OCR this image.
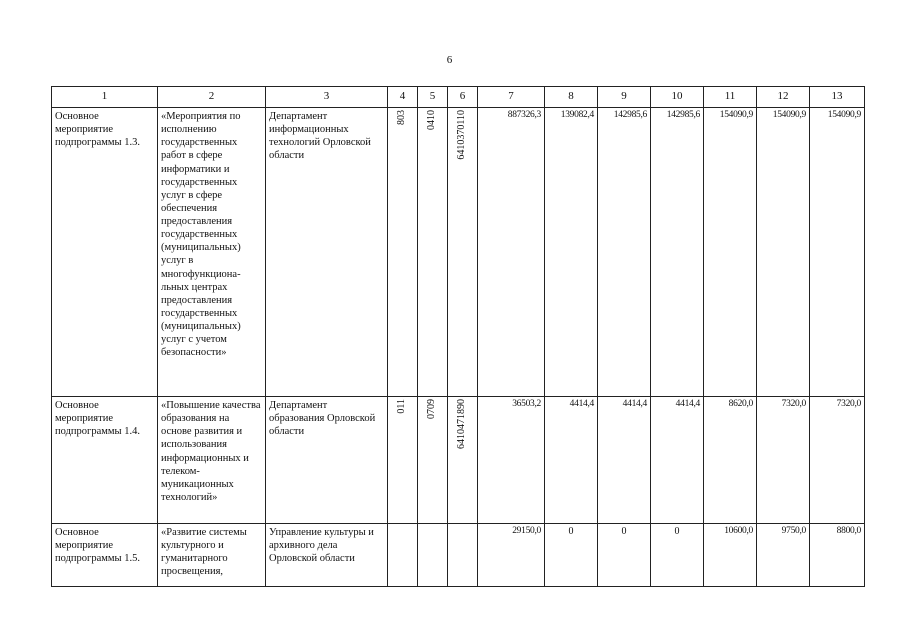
6
1	2	3	4	5	6	7	8	9	10	11	12	13
Основное мероприятие подпрограммы 1.3.	«Мероприятия по исполнению государственных работ в сфере информатики и государственных услуг в сфере обеспечения предоставления государственных (муниципальных) услуг в многофункциона-льных центрах предоставления государственных (муниципальных) услуг с учетом безопасности»	Департамент информационных технологий Орловской области	803	0410	6410370110	887326,3	139082,4	142985,6	142985,6	154090,9	154090,9	154090,9
Основное мероприятие подпрограммы 1.4.	«Повышение качества образования на основе развития и использования информационных и телеком-муникационных технологий»	Департамент образования Орловской области	011	0709	6410471890	36503,2	4414,4	4414,4	4414,4	8620,0	7320,0	7320,0
Основное мероприятие подпрограммы 1.5.	«Развитие системы культурного и гуманитарного просвещения,	Управление культуры и архивного дела Орловской области				29150,0	0	0	0	10600,0	9750,0	8800,0
